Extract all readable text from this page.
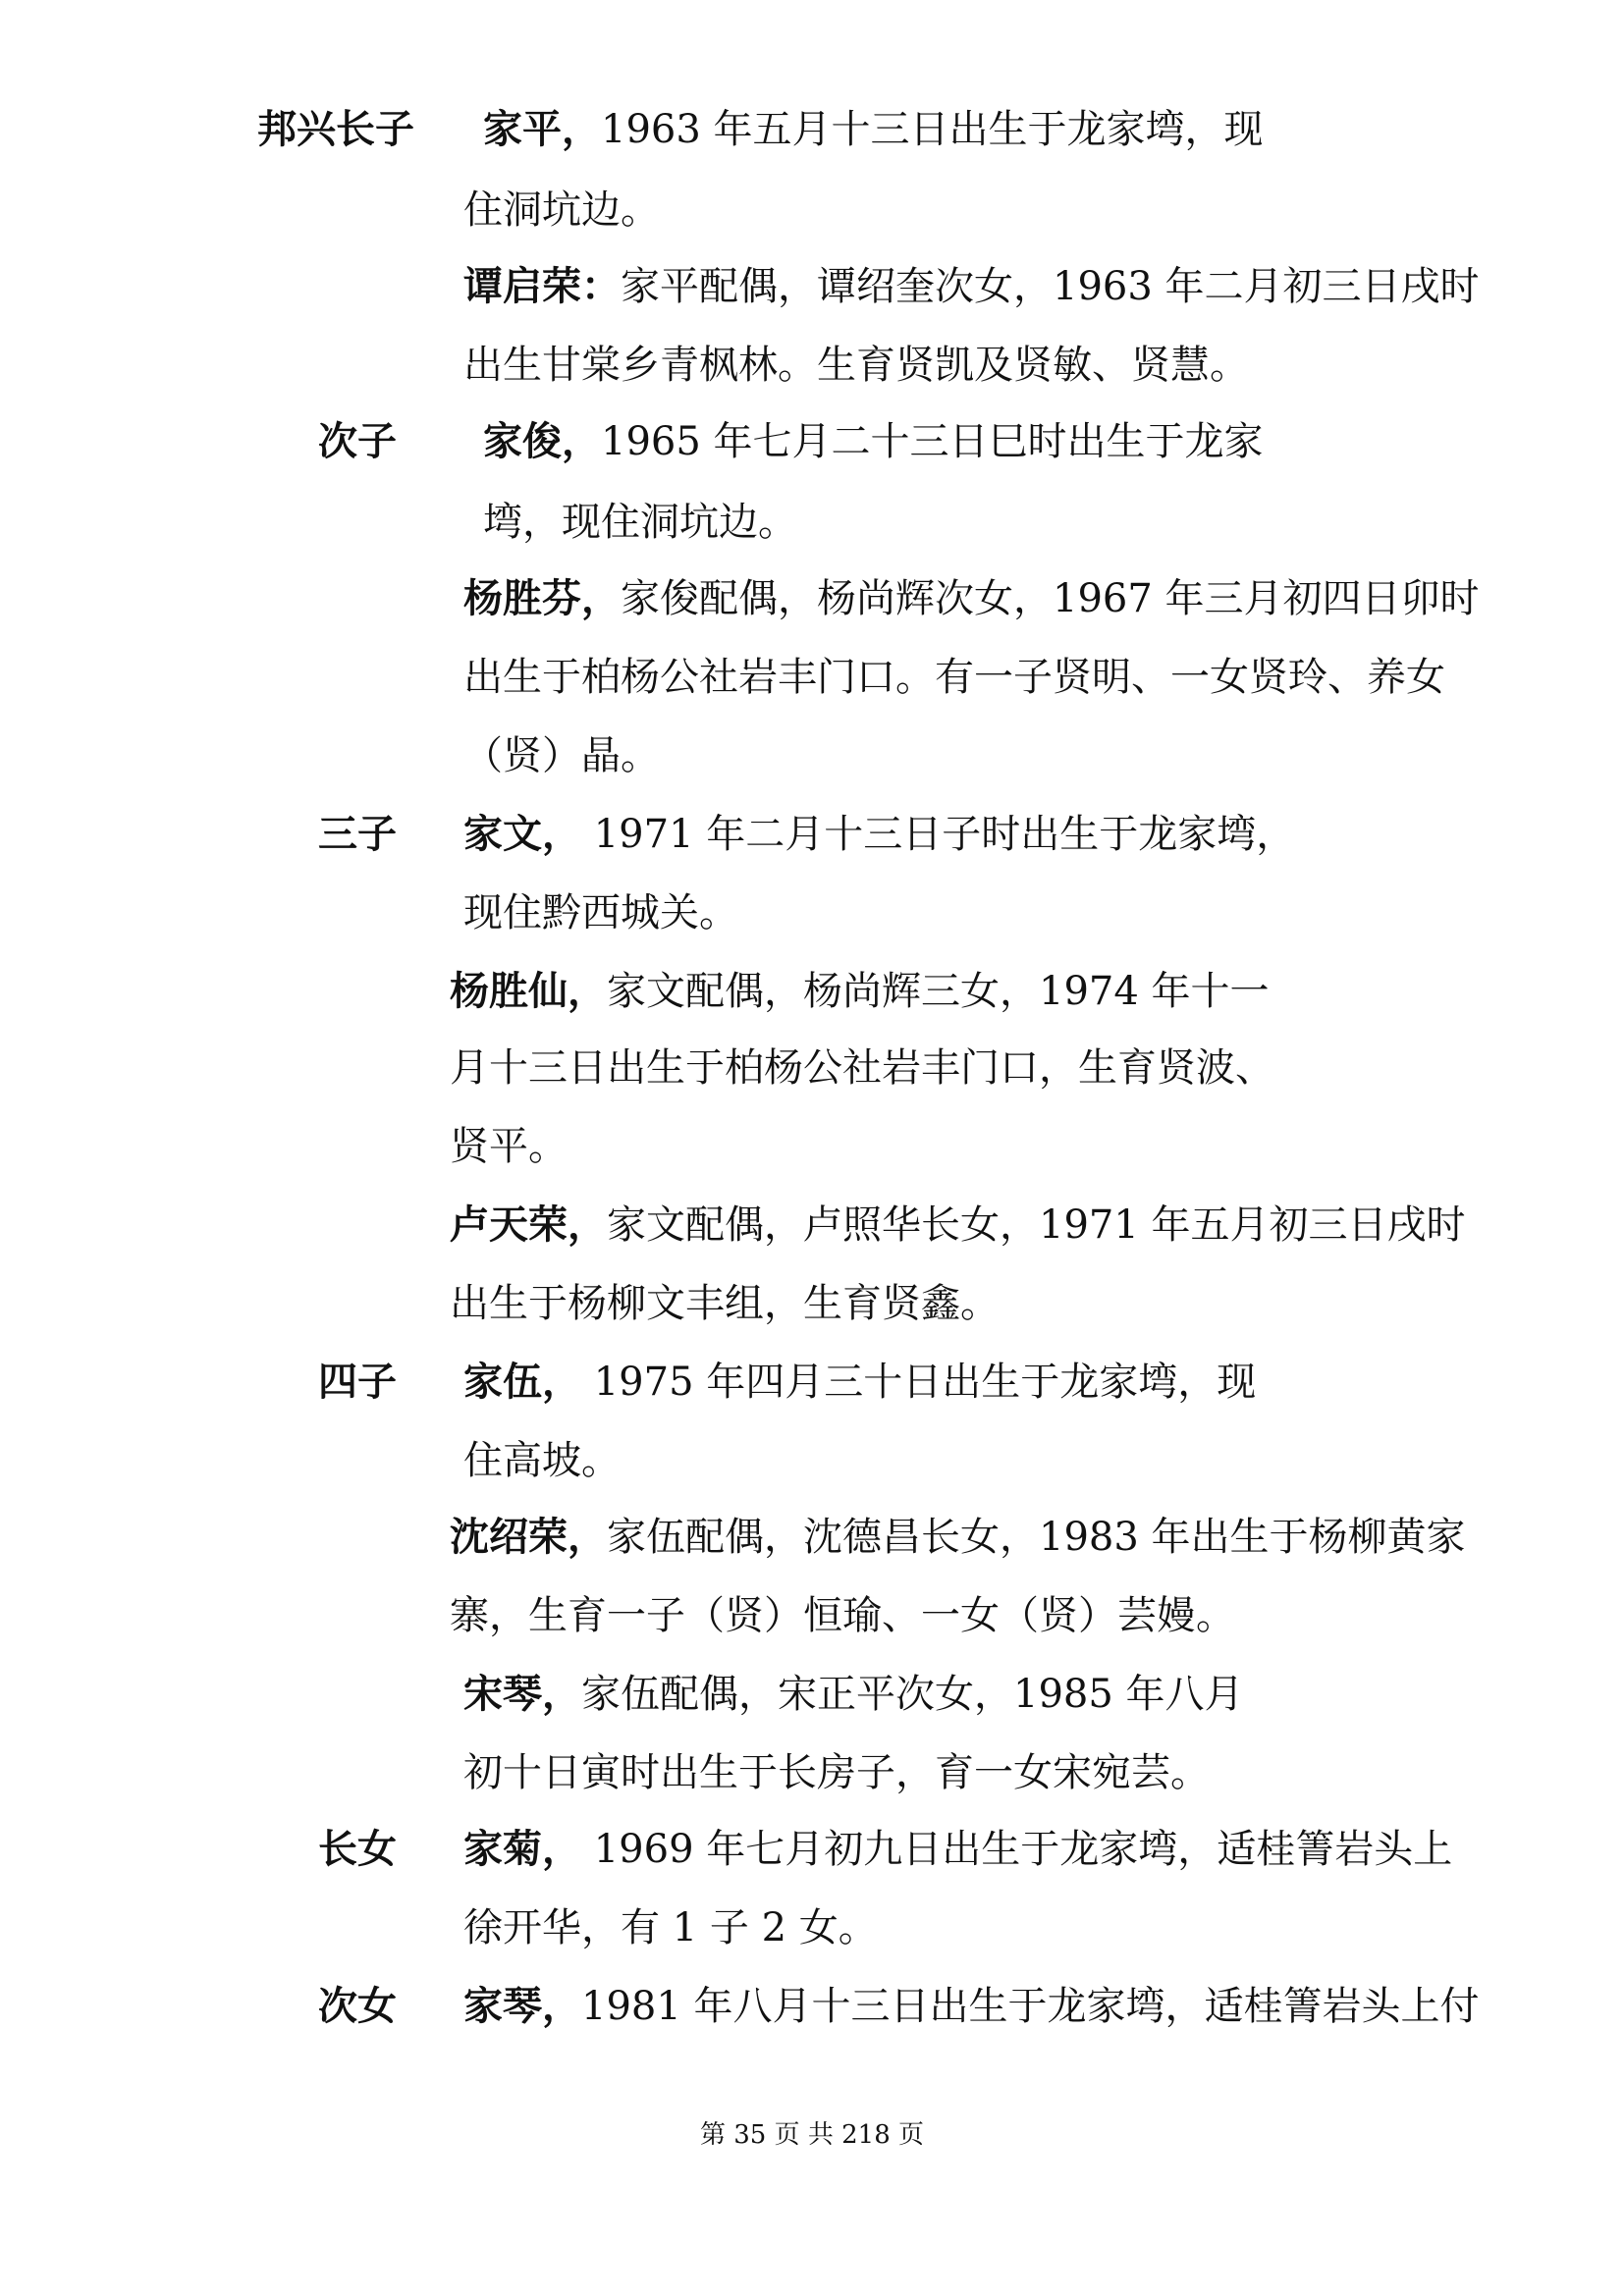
邦兴长子 家平，1963 年五月十三日出生于龙家塆，现
住洞坑边。
谭启荣：家平配偶，谭绍奎次女，1963 年二月初三日戌时
出生甘棠乡青枫林。生育贤凯及贤敏、贤慧。
次子 家俊，1965 年七月二十三日巳时出生于龙家
塆，现住洞坑边。
杨胜芬，家俊配偶，杨尚辉次女，1967 年三月初四日卯时
出生于柏杨公社岩丰门口。有一子贤明、一女贤玲、养女
（贤）晶。
三子 家文， 1971 年二月十三日子时出生于龙家塆，
现住黔西城关。
杨胜仙，家文配偶，杨尚辉三女，1974 年十一
月十三日出生于柏杨公社岩丰门口，生育贤波、
贤平。
卢天荣，家文配偶，卢照华长女，1971 年五月初三日戌时
出生于杨柳文丰组，生育贤鑫。
四子 家伍， 1975 年四月三十日出生于龙家塆，现
住高坡。
沈绍荣，家伍配偶，沈德昌长女，1983 年出生于杨柳黄家
寨，生育一子（贤）恒瑜、一女（贤）芸嫚。
宋琴，家伍配偶，宋正平次女，1985 年八月
初十日寅时出生于长房子，育一女宋宛芸。
长女 家菊， 1969 年七月初九日出生于龙家塆，适桂箐岩头上
徐开华，有 1 子 2 女。
次女 家琴，1981 年八月十三日出生于龙家塆，适桂箐岩头上付
第 35 页 共 218 页
